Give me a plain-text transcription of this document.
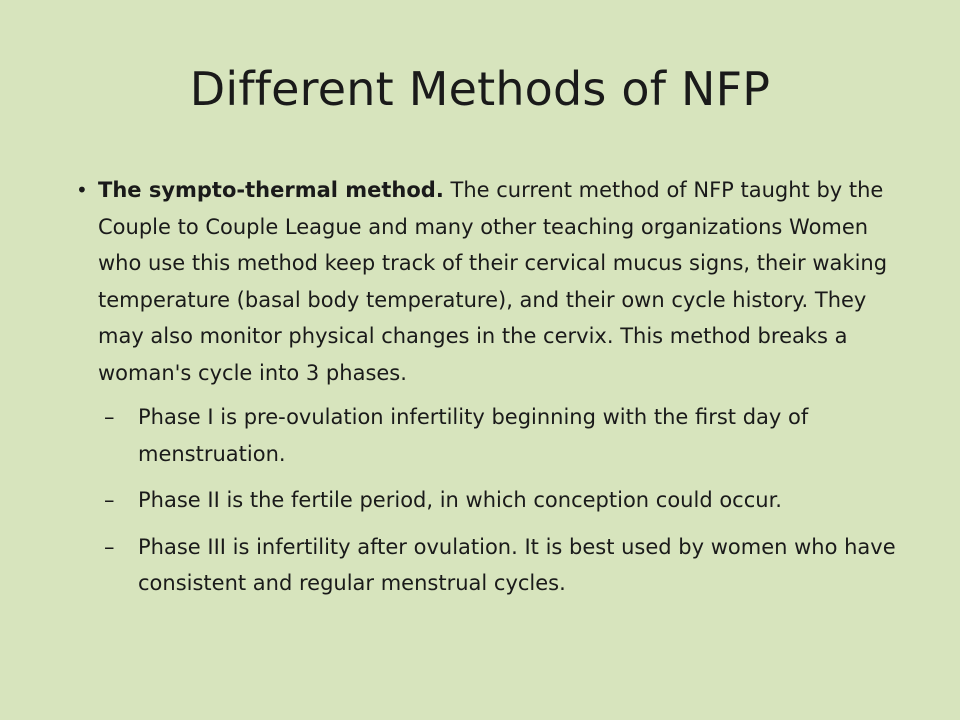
Different Methods of NFP
• The sympto-thermal method. The current method of NFP taught by the Couple to Couple League and many other teaching organizations Women who use this method keep track of their cervical mucus signs, their waking temperature (basal body temperature), and their own cycle history. They may also monitor physical changes in the cervix. This method breaks a woman's cycle into 3 phases.
– Phase I is pre-ovulation infertility beginning with the first day of menstruation.
– Phase II is the fertile period, in which conception could occur.
– Phase III is infertility after ovulation. It is best used by women who have consistent and regular menstrual cycles.
